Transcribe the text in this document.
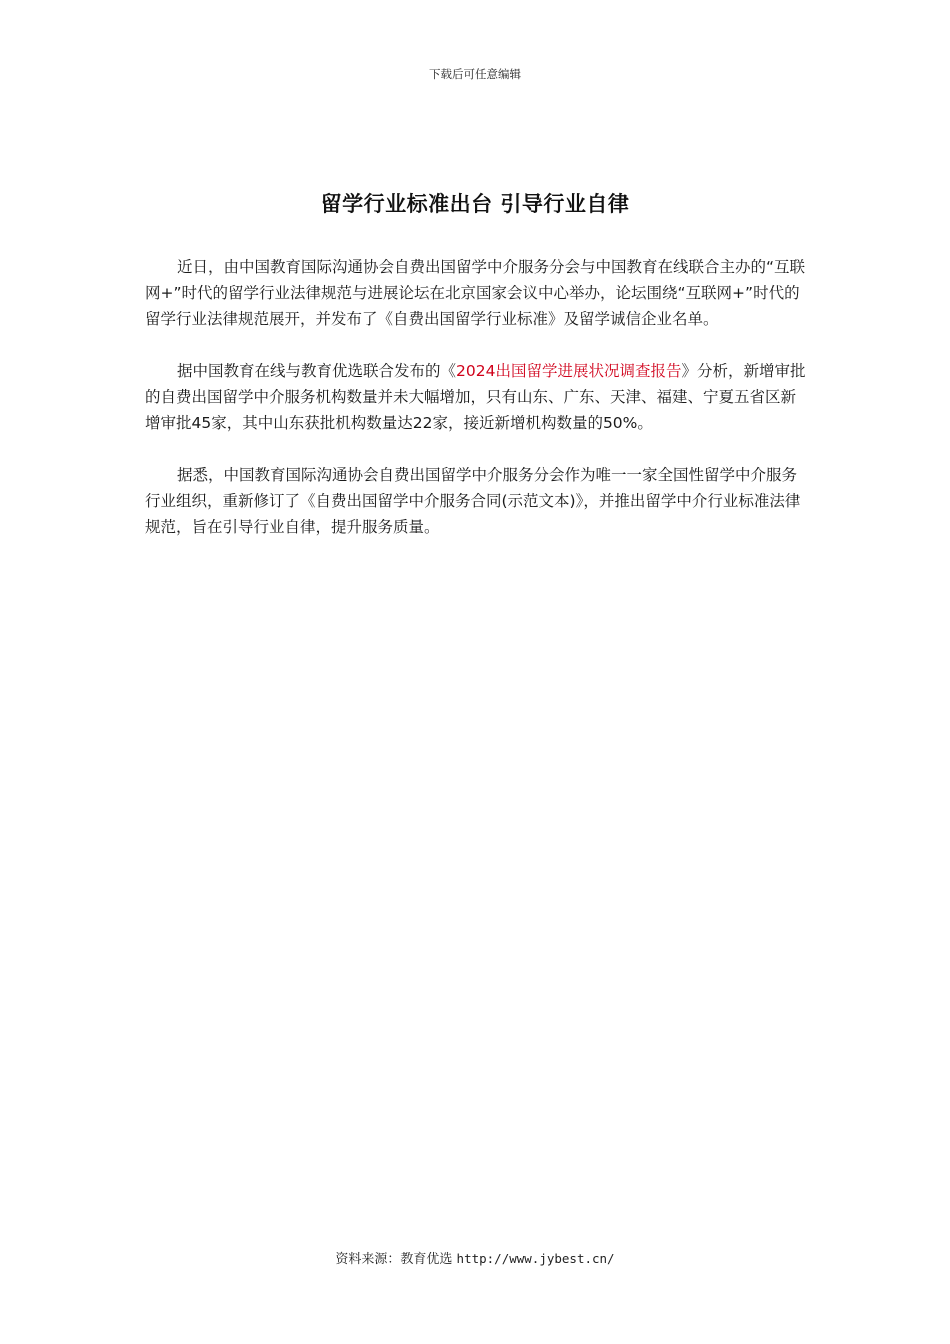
下载后可任意编辑
留学行业标准出台 引导行业自律

近日，由中国教育国际沟通协会自费出国留学中介服务分会与中国教育在线联合主办的“互联网+”时代的留学行业法律规范与进展论坛在北京国家会议中心举办，论坛围绕“互联网+”时代的留学行业法律规范展开，并发布了《自费出国留学行业标准》及留学诚信企业名单。

据中国教育在线与教育优选联合发布的《2024出国留学进展状况调查报告》分析，新增审批的自费出国留学中介服务机构数量并未大幅增加，只有山东、广东、天津、福建、宁夏五省区新增审批45家，其中山东获批机构数量达22家，接近新增机构数量的50%。

据悉，中国教育国际沟通协会自费出国留学中介服务分会作为唯一一家全国性留学中介服务行业组织，重新修订了《自费出国留学中介服务合同(示范文本)》，并推出留学中介行业标准法律规范，旨在引导行业自律，提升服务质量。

资料来源：教育优选 http://www.jybest.cn/
